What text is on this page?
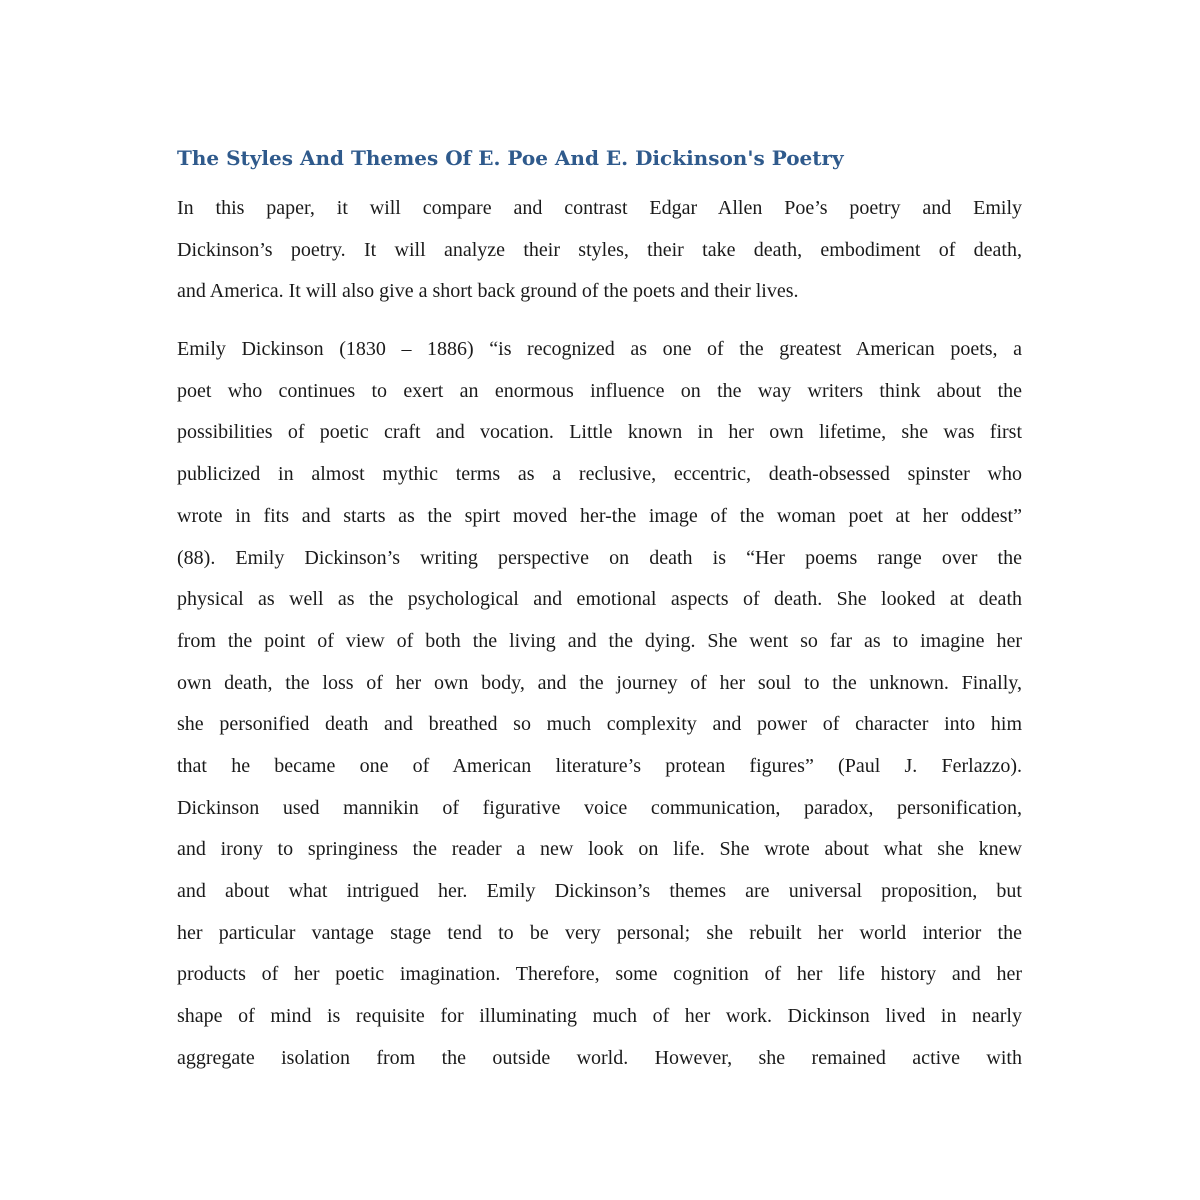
The Styles And Themes Of E. Poe And E. Dickinson's Poetry

In this paper, it will compare and contrast Edgar Allen Poe’s poetry and Emily
Dickinson’s poetry. It will analyze their styles, their take death, embodiment of death,
and America. It will also give a short back ground of the poets and their lives.

Emily Dickinson (1830 – 1886) “is recognized as one of the greatest American poets, a
poet who continues to exert an enormous influence on the way writers think about the
possibilities of poetic craft and vocation. Little known in her own lifetime, she was first
publicized in almost mythic terms as a reclusive, eccentric, death-obsessed spinster who
wrote in fits and starts as the spirt moved her-the image of the woman poet at her oddest”
(88). Emily Dickinson’s writing perspective on death is “Her poems range over the
physical as well as the psychological and emotional aspects of death. She looked at death
from the point of view of both the living and the dying. She went so far as to imagine her
own death, the loss of her own body, and the journey of her soul to the unknown. Finally,
she personified death and breathed so much complexity and power of character into him
that he became one of American literature’s protean figures” (Paul J. Ferlazzo).
Dickinson used mannikin of figurative voice communication, paradox, personification,
and irony to springiness the reader a new look on life. She wrote about what she knew
and about what intrigued her. Emily Dickinson’s themes are universal proposition, but
her particular vantage stage tend to be very personal; she rebuilt her world interior the
products of her poetic imagination. Therefore, some cognition of her life history and her
shape of mind is requisite for illuminating much of her work. Dickinson lived in nearly
aggregate isolation from the outside world. However, she remained active with
